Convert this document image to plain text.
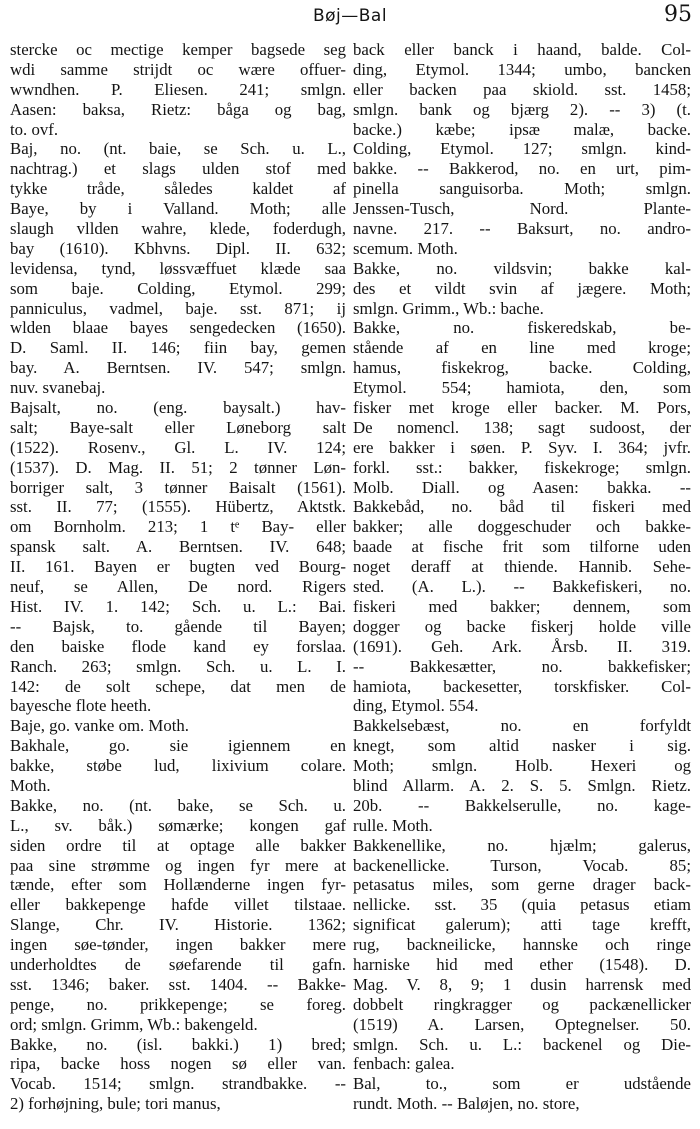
Bøj—Bal	95
stercke oc mectige kemper bagsede seg
wdi samme strijdt oc wære offuer-
wwndhen. P. Eliesen. 241; smlgn.
Aasen: baksa, Rietz: båga og bag,
to. ovf.
Baj, no. (nt. baie, se Sch. u. L.,
nachtrag.) et slags ulden stof med
tykke tråde, således kaldet af
Baye, by i Valland. Moth; alle
slaugh vllden wahre, klede, foderdugh,
bay (1610). Kbhvns. Dipl. II. 632;
levidensa, tynd, løssvæffuet klæde saa
som baje. Colding, Etymol. 299;
panniculus, vadmel, baje. sst. 871; ij
wlden blaae bayes sengedecken (1650).
D. Saml. II. 146; fiin bay, gemen
bay. A. Berntsen. IV. 547; smlgn.
nuv. svanebaj.
Bajsalt, no. (eng. baysalt.) hav-
salt; Baye-salt eller Løneborg salt
(1522). Rosenv., Gl. L. IV. 124;
(1537). D. Mag. II. 51; 2 tønner Løn-
borriger salt, 3 tønner Baisalt (1561).
sst. II. 77; (1555). Hübertz, Aktstk.
om Bornholm. 213; 1 tᵉ Bay- eller
spansk salt. A. Berntsen. IV. 648;
II. 161. Bayen er bugten ved Bourg-
neuf, se Allen, De nord. Rigers
Hist. IV. 1. 142; Sch. u. L.: Bai.
-- Bajsk, to. gående til Bayen;
den baiske flode kand ey forslaa.
Ranch. 263; smlgn. Sch. u. L. I.
142: de solt schepe, dat men de
bayesche flote heeth.
Baje, go. vanke om. Moth.
Bakhale, go. sie igiennem en
bakke, støbe lud, lixivium colare.
Moth.
Bakke, no. (nt. bake, se Sch. u.
L., sv. båk.) sømærke; kongen gaf
siden ordre til at optage alle bakker
paa sine strømme og ingen fyr mere at
tænde, efter som Hollænderne ingen fyr-
eller bakkepenge hafde villet tilstaae.
Slange, Chr. IV. Historie. 1362;
ingen søe-tønder, ingen bakker mere
underholdtes de søefarende til gafn.
sst. 1346; baker. sst. 1404. -- Bakke-
penge, no. prikkepenge; se foreg.
ord; smlgn. Grimm, Wb.: bakengeld.
Bakke, no. (isl. bakki.) 1) bred;
ripa, backe hoss nogen sø eller van.
Vocab. 1514; smlgn. strandbakke. --
2) forhøjning, bule; tori manus,
back eller banck i haand, balde. Col-
ding, Etymol. 1344; umbo, bancken
eller backen paa skiold. sst. 1458;
smlgn. bank og bjærg 2). -- 3) (t.
backe.) kæbe; ipsæ malæ, backe.
Colding, Etymol. 127; smlgn. kind-
bakke. -- Bakkerod, no. en urt, pim-
pinella sanguisorba. Moth; smlgn.
Jenssen-Tusch, Nord. Plante-
navne. 217. -- Baksurt, no. andro-
scemum. Moth.
Bakke, no. vildsvin; bakke kal-
des et vildt svin af jægere. Moth;
smlgn. Grimm., Wb.: bache.
Bakke, no. fiskeredskab, be-
stående af en line med kroge;
hamus, fiskekrog, backe. Colding,
Etymol. 554; hamiota, den, som
fisker met kroge eller backer. M. Pors,
De nomencl. 138; sagt sudoost, der
ere bakker i søen. P. Syv. I. 364; jvfr.
forkl. sst.: bakker, fiskekroge; smlgn.
Molb. Diall. og Aasen: bakka. --
Bakkebåd, no. båd til fiskeri med
bakker; alle doggeschuder och bakke-
baade at fische frit som tilforne uden
noget deraff at thiende. Hannib. Sehe-
sted. (A. L.). -- Bakkefiskeri, no.
fiskeri med bakker; dennem, som
dogger og backe fiskerj holde ville
(1691). Geh. Ark. Årsb. II. 319.
-- Bakkesætter, no. bakkefisker;
hamiota, backesetter, torskfisker. Col-
ding, Etymol. 554.
Bakkelsebæst, no. en forfyldt
knegt, som altid nasker i sig.
Moth; smlgn. Holb. Hexeri og
blind Allarm. A. 2. S. 5. Smlgn. Rietz.
20b. -- Bakkelserulle, no. kage-
rulle. Moth.
Bakkenellike, no. hjælm; galerus,
backenellicke. Turson, Vocab. 85;
petasatus miles, som gerne drager back-
nellicke. sst. 35 (quia petasus etiam
significat galerum); atti tage krefft,
rug, backneilicke, hannske och ringe
harniske hid med ether (1548). D.
Mag. V. 8, 9; 1 dusin harrensk med
dobbelt ringkragger og packænellicker
(1519) A. Larsen, Optegnelser. 50.
smlgn. Sch. u. L.: backenel og Die-
fenbach: galea.
Bal, to., som er udstående
rundt. Moth. -- Baløjen, no. store,
